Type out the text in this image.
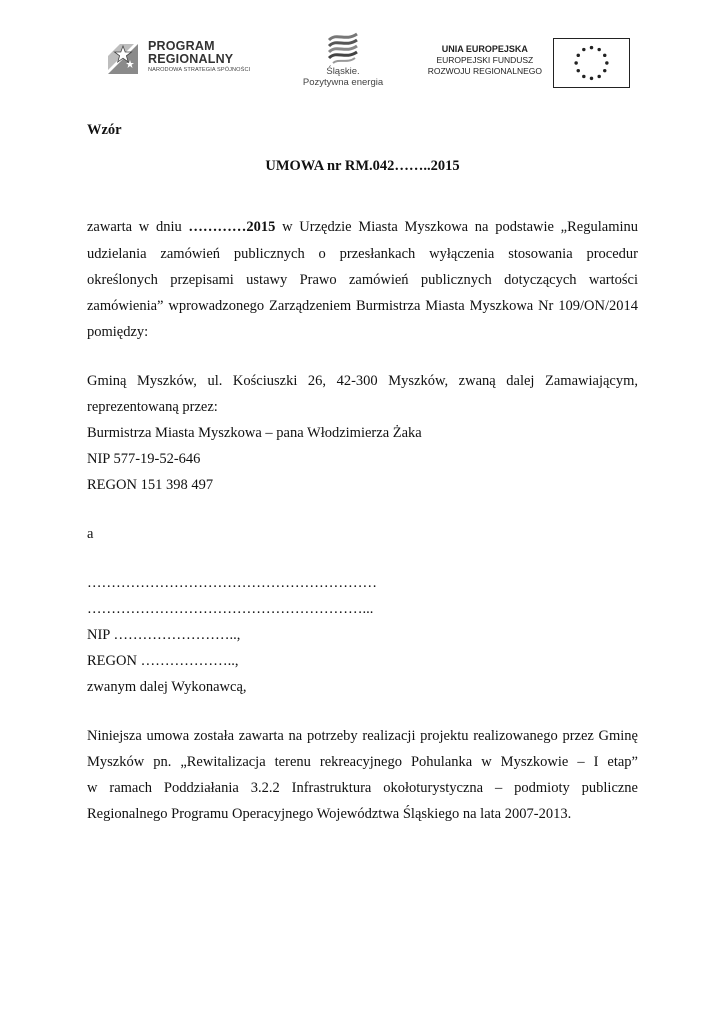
PROGRAM
REGIONALNY
NARODOWA STRATEGIA SPÓJNOŚCI	Śląskie.
Pozytywna energia
UNIA EUROPEJSKA
EUROPEJSKI FUNDUSZ
ROZWOJU REGIONALNEGO
Wzór
UMOWA nr RM.042……..2015
zawarta w dniu …………2015 w Urzędzie Miasta Myszkowa na podstawie „Regulaminu
udzielania zamówień publicznych o przesłankach wyłączenia stosowania procedur
określonych przepisami ustawy Prawo zamówień publicznych dotyczących wartości
zamówienia” wprowadzonego Zarządzeniem Burmistrza Miasta Myszkowa Nr 109/ON/2014
pomiędzy:
Gminą Myszków, ul. Kościuszki 26, 42-300 Myszków, zwaną dalej Zamawiającym,
reprezentowaną przez:
Burmistrza Miasta Myszkowa – pana Włodzimierza Żaka
NIP 577-19-52-646
REGON 151 398 497
a
……………………………………………………
…………………………………………………...
NIP ……………………..,
REGON ………………..,
zwanym dalej Wykonawcą,
Niniejsza umowa została zawarta na potrzeby realizacji projektu realizowanego przez Gminę
Myszków pn. „Rewitalizacja terenu rekreacyjnego Pohulanka w Myszkowie – I etap”
w ramach Poddziałania 3.2.2 Infrastruktura okołoturystyczna – podmioty publiczne
Regionalnego Programu Operacyjnego Województwa Śląskiego na lata 2007-2013.
